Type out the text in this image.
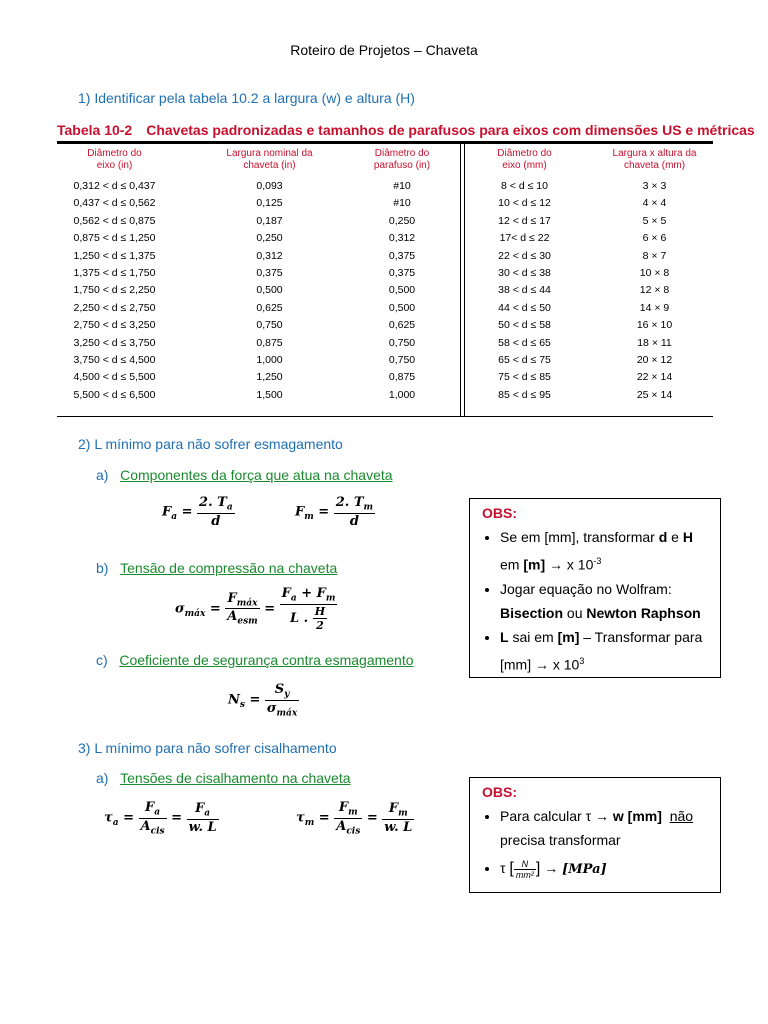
Roteiro de Projetos – Chaveta
1) Identificar pela tabela 10.2 a largura (w) e altura (H)
Tabela 10-2 Chavetas padronizadas e tamanhos de parafusos para eixos com dimensões US e métricas
Diâmetro do
eixo (in)
Largura nominal da
chaveta (in)
Diâmetro do
parafuso (in)
Diâmetro do
eixo (mm)
Largura x altura da
chaveta (mm)
0,312 < d ≤ 0,437
0,437 < d ≤ 0,562
0,562 < d ≤ 0,875
0,875 < d ≤ 1,250
1,250 < d ≤ 1,375
1,375 < d ≤ 1,750
1,750 < d ≤ 2,250
2,250 < d ≤ 2,750
2,750 < d ≤ 3,250
3,250 < d ≤ 3,750
3,750 < d ≤ 4,500
4,500 < d ≤ 5,500
5,500 < d ≤ 6,500
0,093
0,125
0,187
0,250
0,312
0,375
0,500
0,625
0,750
0,875
1,000
1,250
1,500
#10
#10
0,250
0,312
0,375
0,375
0,500
0,500
0,625
0,750
0,750
0,875
1,000
8 < d ≤ 10
10 < d ≤ 12
12 < d ≤ 17
17< d ≤ 22
22 < d ≤ 30
30 < d ≤ 38
38 < d ≤ 44
44 < d ≤ 50
50 < d ≤ 58
58 < d ≤ 65
65 < d ≤ 75
75 < d ≤ 85
85 < d ≤ 95
3 × 3
4 × 4
5 × 5
6 × 6
8 × 7
10 × 8
12 × 8
14 × 9
16 × 10
18 × 11
20 × 12
22 × 14
25 × 14
2) L mínimo para não sofrer esmagamento
a) Componentes da força que atua na chaveta
$F_a = \frac{2. T_a}{d}$	$F_m = \frac{2. T_m}{d}$
b) Tensão de compressão na chaveta
$\sigma_{máx} = \frac{F_{máx}}{A_{esm}} = \frac{F_a + F_m}{L . \frac{H}{2}}$
c) Coeficiente de segurança contra esmagamento
$N_s = \frac{S_y}{\sigma_{máx}}$
3) L mínimo para não sofrer cisalhamento
a) Tensões de cisalhamento na chaveta
$\tau_a = \frac{F_a}{A_{cis}} = \frac{F_a}{w. L}$	$\tau_m = \frac{F_m}{A_{cis}} = \frac{F_m}{w. L}$
OBS:
• Se em [mm], transformar d e H
em [m] → x $10^{-3}$
• Jogar equação no Wolfram:
Bisection ou Newton Raphson
• L sai em [m] – Transformar para
[mm] → x $10^3$
OBS:
• Para calcular τ → w [mm] não
precisa transformar
• τ [ $\frac{N}{\text{mm²}}$ ] → [MPa]
